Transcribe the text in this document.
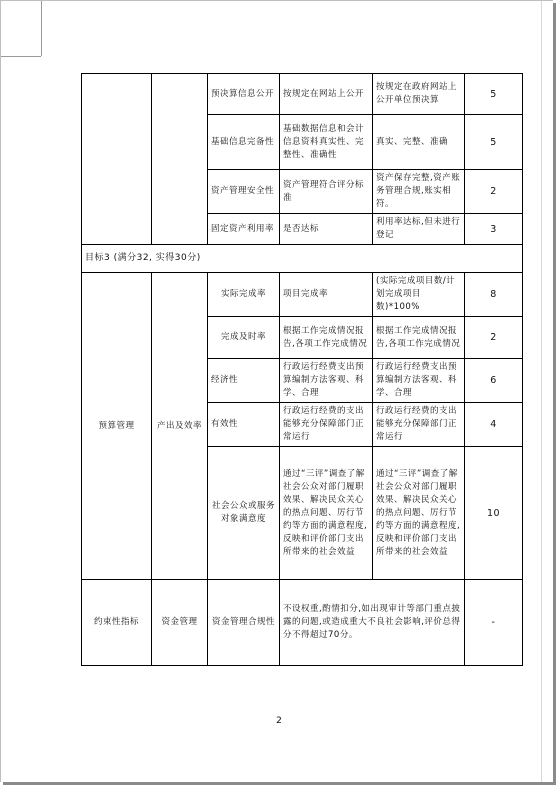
		预决算信息公开	按规定在网站上公开	按规定在政府网站上公开单位预决算	5
		基础信息完备性	基础数据信息和会计信息资料真实性、完整性、准确性	真实、完整、准确	5
		资产管理安全性	资产管理符合评分标准	资产保存完整,资产账务管理合规,账实相符。	2
		固定资产利用率	是否达标	利用率达标,但未进行登记	3
目标3 (满分32, 实得30分)					
预算管理	产出及效率	实际完成率	项目完成率	(实际完成项目数/计划完成项目数)*100%	8
		完成及时率	根据工作完成情况报告,各项工作完成情况	根据工作完成情况报告,各项工作完成情况	2
		经济性	行政运行经费支出预算编制方法客观、科学、合理	行政运行经费支出预算编制方法客观、科学、合理	6
		有效性	行政运行经费的支出能够充分保障部门正常运行	行政运行经费的支出能够充分保障部门正常运行	4
		社会公众或服务对象满意度	通过“三评”调查了解社会公众对部门履职效果、解决民众关心的热点问题、厉行节约等方面的满意程度,反映和评价部门支出所带来的社会效益	通过“三评”调查了解社会公众对部门履职效果、解决民众关心的热点问题、厉行节约等方面的满意程度,反映和评价部门支出所带来的社会效益	10
约束性指标	资金管理	资金管理合规性	不设权重,酌情扣分,如出现审计等部门重点披露的问题,或造成重大不良社会影响,评价总得分不得超过70分。		-
2
